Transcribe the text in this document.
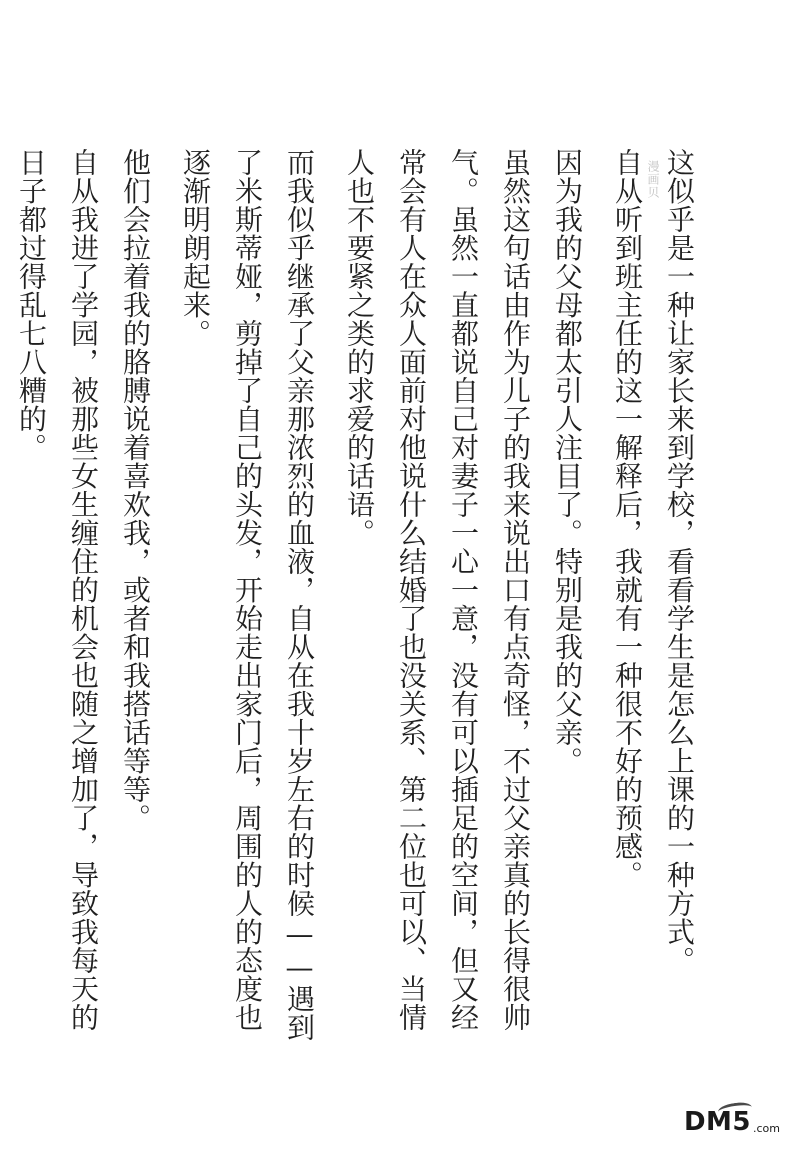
这似乎是一种让家长来到学校，看看学生是怎么上课的一种方式。

自从听到班主任的这一解释后，我就有一种很不好的预感。

因为我的父母都太引人注目了。特别是我的父亲。

虽然这句话由作为儿子的我来说出口有点奇怪，不过父亲真的长得很帅气。虽然一直都说自己对妻子一心一意，没有可以插足的空间，但又经常会有人在众人面前对他说什么结婚了也没关系、第二位也可以、当情人也不要紧之类的求爱的话语。

而我似乎继承了父亲那浓烈的血液，自从在我十岁左右的时候——遇到了米斯蒂娅，剪掉了自己的头发，开始走出家门后，周围的人的态度也逐渐明朗起来。

他们会拉着我的胳膊说着喜欢我，或者和我搭话等等。

自从我进了学园，被那些女生缠住的机会也随之增加了，导致我每天的日子都过得乱七八糟的。	漫画贝
DM5 .com
